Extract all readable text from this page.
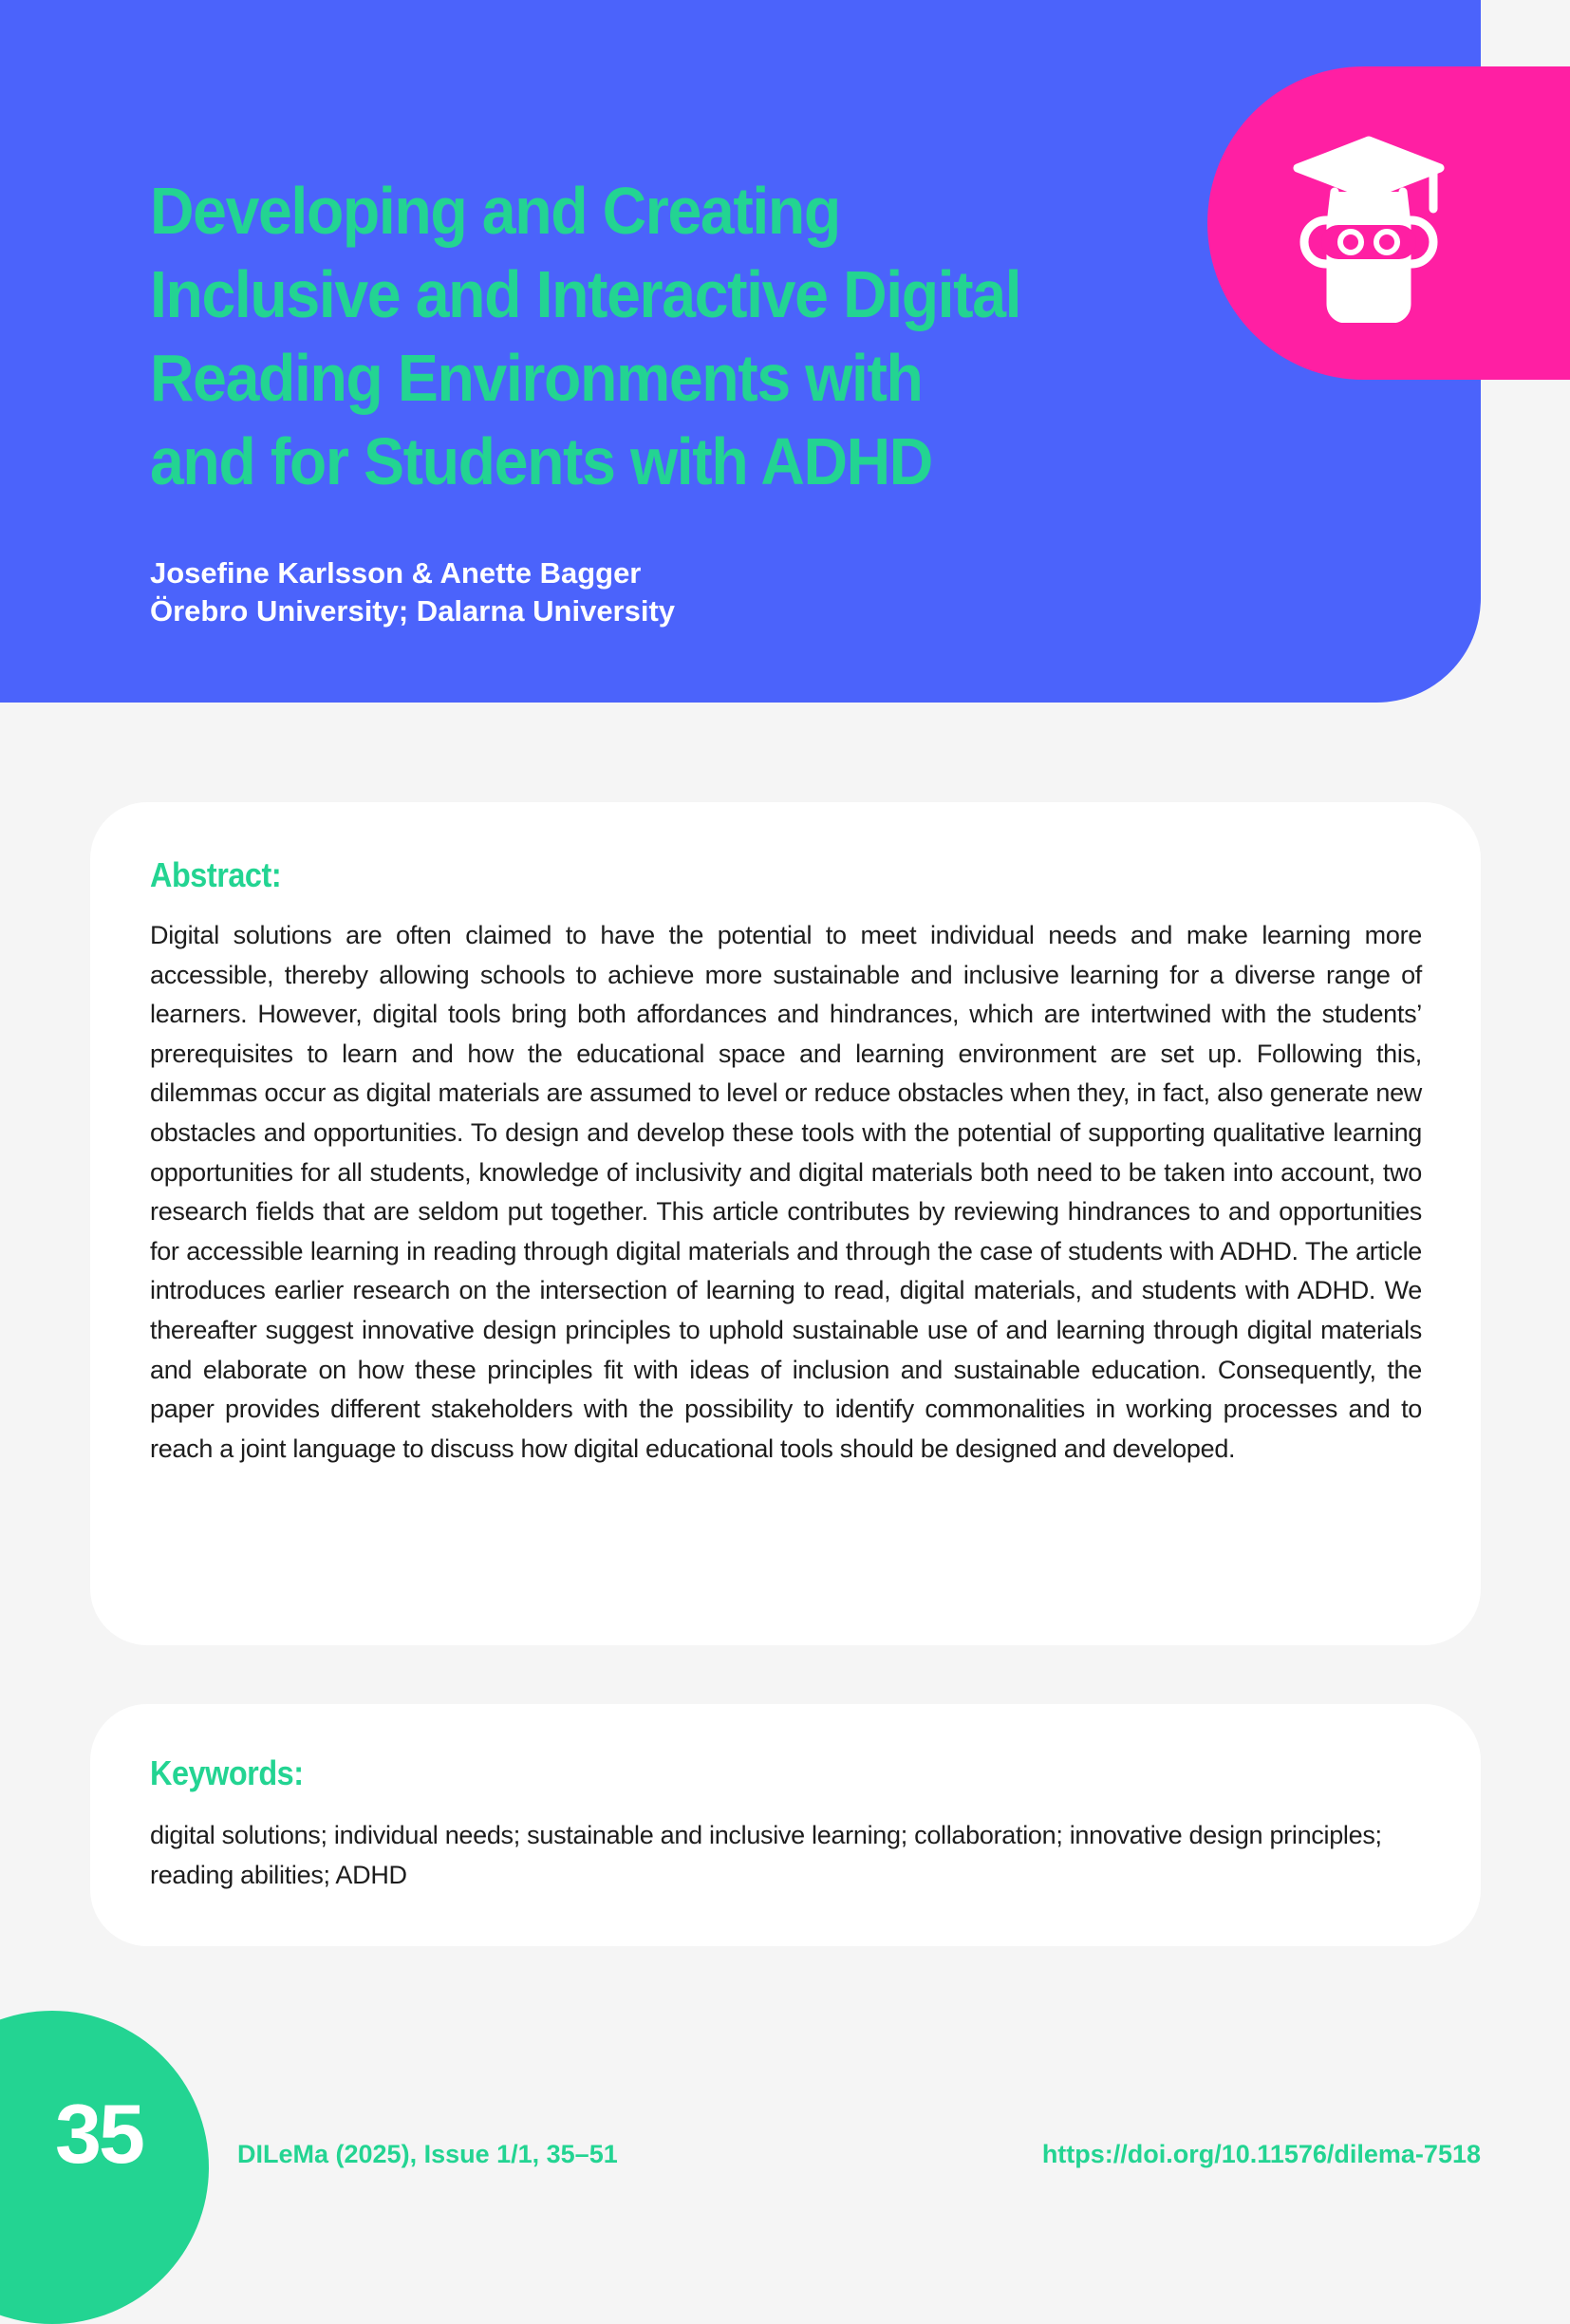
Developing and Creating Inclusive and Interactive Digital Reading Environments with and for Students with ADHD
Josefine Karlsson & Anette Bagger
Örebro University; Dalarna University
Abstract:

Digital solutions are often claimed to have the potential to meet individual needs and make learning more accessible, thereby allowing schools to achieve more sustainable and inclusive learning for a diverse range of learners. However, digital tools bring both affordances and hindrances, which are intertwined with the students’ prerequisites to learn and how the educational space and learning environment are set up. Following this, dilemmas occur as digital materials are assumed to level or reduce obstacles when they, in fact, also generate new obstacles and opportunities. To design and develop these tools with the potential of supporting qualitative learning opportunities for all students, knowledge of inclusivity and digital materials both need to be taken into account, two research fields that are seldom put together. This article contributes by reviewing hindrances to and opportunities for accessible learning in reading through digital materials and through the case of students with ADHD. The article introduces earlier research on the intersection of learning to read, digital materials, and students with ADHD. We thereafter suggest innovative design principles to uphold sustainable use of and learning through digital materials and elaborate on how these principles fit with ideas of inclusion and sustainable education. Consequently, the paper provides different stakeholders with the possibility to identify commonalities in working processes and to reach a joint language to discuss how digital educational tools should be designed and developed.

Keywords:

digital solutions; individual needs; sustainable and inclusive learning; collaboration; innovative design principles; reading abilities; ADHD

35	DILeMa (2025), Issue 1/1, 35–51	https://doi.org/10.11576/dilema-7518
